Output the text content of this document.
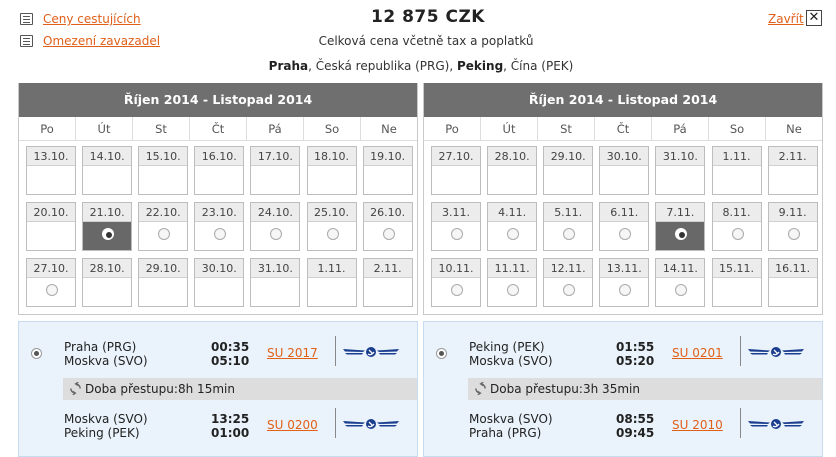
Ceny cestujících
Omezení zavazadel
12 875 CZK
Celková cena včetně tax a poplatků
Praha, Česká republika (PRG), Peking, Čína (PEK)
Zavřít ✕
Říjen 2014 - Listopad 2014
Po	Út	St	Čt	Pá	So	Ne
13.10.	14.10.	15.10.	16.10.	17.10.	18.10.	19.10.
20.10.	21.10.	22.10.	23.10.	24.10.	25.10.	26.10.
27.10.	28.10.	29.10.	30.10.	31.10.	1.11.	2.11.
Říjen 2014 - Listopad 2014
Po	Út	St	Čt	Pá	So	Ne
27.10.	28.10.	29.10.	30.10.	31.10.	1.11.	2.11.
3.11.	4.11.	5.11.	6.11.	7.11.	8.11.	9.11.
10.11.	11.11.	12.11.	13.11.	14.11.	15.11.	16.11.
Praha (PRG)
Moskva (SVO)
00:35
05:10
SU 2017
Doba přestupu: 8h 15min
Moskva (SVO)
Peking (PEK)
13:25
01:00
SU 0200
Peking (PEK)
Moskva (SVO)
01:55
05:20
SU 0201
Doba přestupu: 3h 35min
Moskva (SVO)
Praha (PRG)
08:55
09:45
SU 2010
